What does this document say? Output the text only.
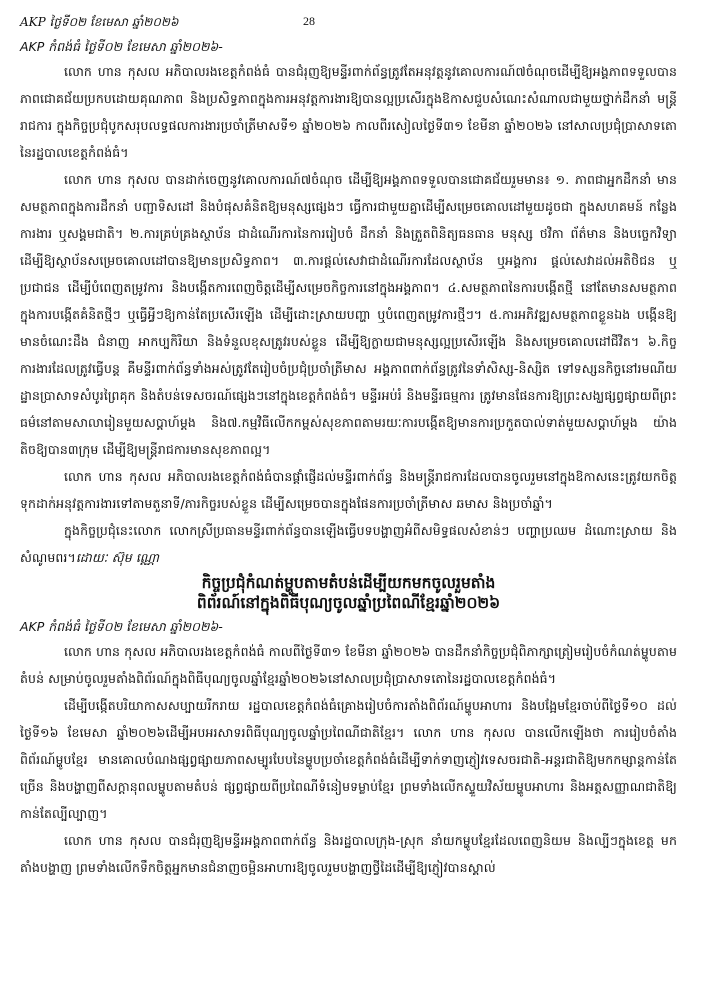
AKP ថ្ងៃទី០២ ខែមេសា ឆ្នាំ២០២៦	28
AKP កំពង់ធំ ថ្ងៃទី០២ ខែមេសា ឆ្នាំ២០២៦-

លោក ហាន កុសល អភិបាលរងខេត្តកំពង់ធំ បានជំរុញឱ្យមន្ទីរពាក់ព័ន្ធត្រូវតែអនុវត្តនូវគោលការណ៍៧ចំណុចដើម្បីឱ្យអង្គភាពទទួលបានភាពជោគជ័យប្រកបដោយគុណភាព និងប្រសិទ្ធភាពក្នុងការអនុវត្តការងារឱ្យបានល្អប្រសើរក្នុងឱកាសជួបសំណេះសំណាលជាមួយថ្នាក់ដឹកនាំ មន្ត្រីរាជការ ក្នុងកិច្ចប្រជុំបូកសរុបលទ្ធផលការងារប្រចាំត្រីមាសទី១ ឆ្នាំ២០២៦ កាលពីរសៀលថ្ងៃទី៣១ ខែមីនា ឆ្នាំ២០២៦ នៅសាលប្រជុំប្រាសាទតោនៃរដ្ឋបាលខេត្តកំពង់ធំ។

លោក ហាន កុសល បានដាក់ចេញនូវគោលការណ៍៧ចំណុច ដើម្បីឱ្យអង្គភាពទទួលបានជោគជ័យរួមមាន៖ ១. ភាពជាអ្នកដឹកនាំ មានសមត្ថភាពក្នុងការដឹកនាំ បញ្ជាទិសដៅ និងបំផុសគំនិតឱ្យមនុស្សផ្សេងៗ ធ្វើការជាមួយគ្នាដើម្បីសម្រេចគោលដៅមួយដូចជា ក្នុងសហគមន៍ កន្លែងការងារ ឬសង្គមជាតិ។ ២.ការគ្រប់គ្រងស្ថាប័ន ជាដំណើរការនៃការរៀបចំ ដឹកនាំ និងត្រួតពិនិត្យធនធាន មនុស្ស ថវិកា ព័ត៌មាន និងបច្ចេកវិទ្យា ដើម្បីឱ្យស្ថាប័នសម្រេចគោលដៅបានឱ្យមានប្រសិទ្ធភាព។ ៣.ការផ្ដល់សេវាជាដំណើរការដែលស្ថាប័ន ឬអង្គការ ផ្ដល់សេវាដល់អតិថិជន ឬប្រជាជន ដើម្បីបំពេញតម្រូវការ និងបង្កើតការពេញចិត្តដើម្បីសម្រេចកិច្ចការនៅក្នុងអង្គភាព។ ៤.សមត្ថភាពនៃការបង្កើតថ្មី នៅតែមានសមត្ថភាពក្នុងការបង្កើតគំនិតថ្មីៗ ឬធ្វើអ្វីៗឱ្យកាន់តែប្រសើរឡើង ដើម្បីដោះស្រាយបញ្ហា ឬបំពេញតម្រូវការថ្មីៗ។ ៥.ការអភិវឌ្ឍសមត្ថភាពខ្លួនឯង បង្កើនឱ្យមានចំណេះដឹង ជំនាញ អាកប្បកិរិយា និងទំនួលខុសត្រូវរបស់ខ្លួន ដើម្បីឱ្យក្លាយជាមនុស្សល្អប្រសើរឡើង និងសម្រេចគោលដៅជីវិត។ ៦.កិច្ចការងារដែលត្រូវធ្វើបន្ត គឺមន្ទីរពាក់ព័ន្ធទាំងអស់ត្រូវតែរៀបចំប្រជុំប្រចាំត្រីមាស អង្គភាពពាក់ព័ន្ធត្រូវនៃទាំសិស្ស-និស្សិត ទៅទស្សនកិច្ចនៅរមណីយដ្ឋានប្រាសាទសំបូរព្រៃគុក និងតំបន់ទេសចរណ៍ផ្សេងៗនៅក្នុងខេត្តកំពង់ធំ។ មន្ទីរអប់រំ និងមន្ទីរធម្មការ ត្រូវមានផែនការឱ្យព្រះសង្ឃផ្សព្វផ្សាយពីព្រះធម៌នៅតាមសាលារៀនមួយសប្ដាហ៍ម្ដង និង៧.កម្មវិធីលើកកម្ពស់សុខភាពតាមរយៈការបង្កើតឱ្យមានការប្រកួតបាល់ទាត់មួយសប្ដាហ៍ម្ដង យ៉ាងតិចឱ្យបាន៣ក្រុម ដើម្បីឱ្យមន្ត្រីរាជការមានសុខភាពល្អ។

លោក ហាន កុសល អភិបាលរងខេត្តកំពង់ធំបានផ្ដាំផ្ញើដល់មន្ទីរពាក់ព័ន្ធ និងមន្ត្រីរាជការដែលបានចូលរួមនៅក្នុងឱកាសនេះត្រូវយកចិត្តទុកដាក់អនុវត្តការងារទៅតាមតួនាទី/ភារកិច្ចរបស់ខ្លួន ដើម្បីសម្រេចបានក្នុងផែនការប្រចាំត្រីមាស ឆមាស និងប្រចាំឆ្នាំ។

ក្នុងកិច្ចប្រជុំនេះលោក លោកស្រីប្រធានមន្ទីរពាក់ព័ន្ធបានឡើងធ្វើបទបង្ហាញអំពីសមិទ្ធផលសំខាន់ៗ បញ្ហាប្រឈម ដំណោះស្រាយ និងសំណូមពរ។ដោយៈ ស៊ុម ណ្ណោ

កិច្ចប្រជុំកំណត់ម្ហូបតាមតំបន់ដើម្បីយកមកចូលរួមតាំង
ពិព័រណ៍នៅក្នុងពិធីបុណ្យចូលឆ្នាំប្រពៃណីខ្មែរឆ្នាំ២០២៦
AKP កំពង់ធំ ថ្ងៃទី០២ ខែមេសា ឆ្នាំ២០២៦-

លោក ហាន កុសល អភិបាលរងខេត្តកំពង់ធំ កាលពីថ្ងៃទី៣១ ខែមីនា ឆ្នាំ២០២៦ បានដឹកនាំកិច្ចប្រជុំពិភាក្សាត្រៀមរៀបចំកំណត់ម្ហូបតាមតំបន់ សម្រាប់ចូលរួមតាំងពិព័រណ៍ក្នុងពិធីបុណ្យចូលឆ្នាំខ្មែរឆ្នាំ២០២៦នៅសាលប្រជុំប្រាសាទតោនៃរដ្ឋបាលខេត្តកំពង់ធំ។

ដើម្បីបង្កើតបរិយាកាសសប្បាយរីករាយ រដ្ឋបាលខេត្តកំពង់ធំគ្រោងរៀបចំការតាំងពិព័រណ៍ម្ហូបអាហារ និងបង្អែមខ្មែរចាប់ពីថ្ងៃទី១០ ដល់ថ្ងៃទី១៦ ខែមេសា ឆ្នាំ២០២៦ដើម្បីអបអរសាទរពិធីបុណ្យចូលឆ្នាំប្រពៃណីជាតិខ្មែរ។ លោក ហាន កុសល បានលើកឡើងថា ការរៀបចំតាំងពិព័រណ៍ម្ហូបខ្មែរ មានគោលបំណងផ្សព្វផ្សាយភាពសម្បូរបែបនៃម្ហូបប្រចាំខេត្តកំពង់ធំដើម្បីទាក់ទាញភ្ញៀវទេសចរជាតិ-អន្តរជាតិឱ្យមកកម្សាន្តកាន់តែច្រើន និងបង្ហាញពីសក្ដានុពលម្ហូបតាមតំបន់ ផ្សព្វផ្សាយពីប្រពៃណីទំនៀមទម្លាប់ខ្មែរ ព្រមទាំងលើកស្ទួយវិស័យម្ហូបអាហារ និងអត្តសញ្ញាណជាតិឱ្យកាន់តែល្បីល្បាញ។

លោក ហាន កុសល បានជំរុញឱ្យមន្ទីរអង្គភាពពាក់ព័ន្ធ និងរដ្ឋបាលក្រុង-ស្រុក នាំយកម្ហូបខ្មែរដែលពេញនិយម និងល្បីៗក្នុងខេត្ត មកតាំងបង្ហាញ ព្រមទាំងលើកទឹកចិត្តអ្នកមានជំនាញចម្អិនអាហារឱ្យចូលរួមបង្ហាញថ្វីដៃដើម្បីឱ្យភ្ញៀវបានស្គាល់
